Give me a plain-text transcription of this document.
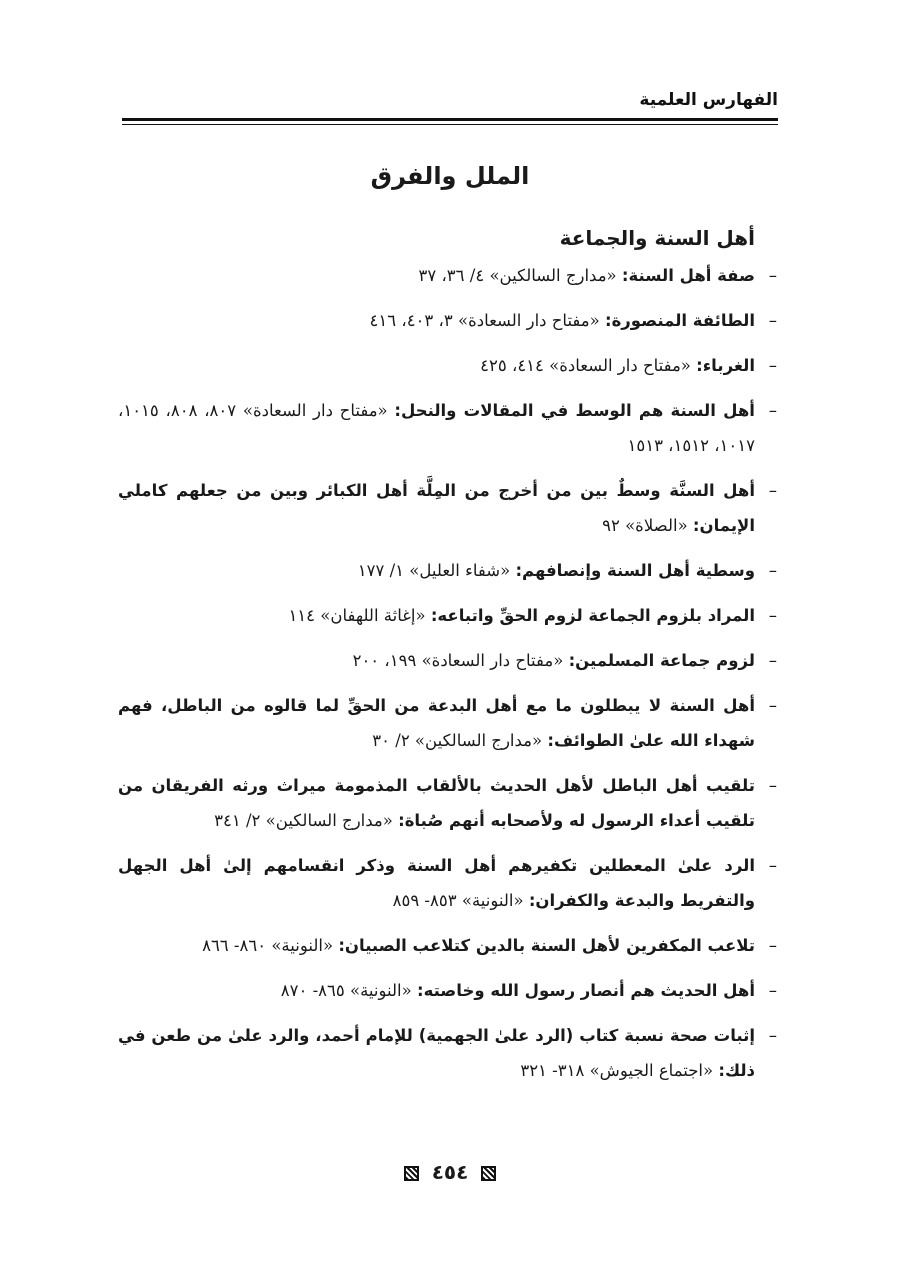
الفهارس العلمية
الملل والفرق
أهل السنة والجماعة
–
صفة أهل السنة: «مدارج السالكين» ٤/ ٣٦، ٣٧
–
الطائفة المنصورة: «مفتاح دار السعادة» ٣، ٤٠٣، ٤١٦
–
الغرباء: «مفتاح دار السعادة» ٤١٤، ٤٢٥
–
أهل السنة هم الوسط في المقالات والنحل: «مفتاح دار السعادة» ٨٠٧، ٨٠٨، ١٠١٥، ١٠١٧، ١٥١٢، ١٥١٣
–
أهل السنَّة وسطٌ بين من أخرج من المِلَّة أهل الكبائر وبين من جعلهم كاملي الإيمان: «الصلاة» ٩٢
–
وسطية أهل السنة وإنصافهم: «شفاء العليل» ١/ ١٧٧
–
المراد بلزوم الجماعة لزوم الحقِّ واتباعه: «إغاثة اللهفان» ١١٤
–
لزوم جماعة المسلمين: «مفتاح دار السعادة» ١٩٩، ٢٠٠
–
أهل السنة لا يبطلون ما مع أهل البدعة من الحقِّ لما قالوه من الباطل، فهم شهداء الله علىٰ الطوائف: «مدارج السالكين» ٢/ ٣٠
–
تلقيب أهل الباطل لأهل الحديث بالألقاب المذمومة ميراث ورثه الفريقان من تلقيب أعداء الرسول له ولأصحابه أنهم صُباة: «مدارج السالكين» ٢/ ٣٤١
–
الرد علىٰ المعطلين تكفيرهم أهل السنة وذكر انقسامهم إلىٰ أهل الجهل والتفريط والبدعة والكفران: «النونية» ٨٥٣- ٨٥٩
–
تلاعب المكفرين لأهل السنة بالدين كتلاعب الصبيان: «النونية» ٨٦٠- ٨٦٦
–
أهل الحديث هم أنصار رسول الله وخاصته: «النونية» ٨٦٥- ٨٧٠
–
إثبات صحة نسبة كتاب (الرد علىٰ الجهمية) للإمام أحمد، والرد علىٰ من طعن في ذلك: «اجتماع الجيوش» ٣١٨- ٣٢١
٤٥٤
